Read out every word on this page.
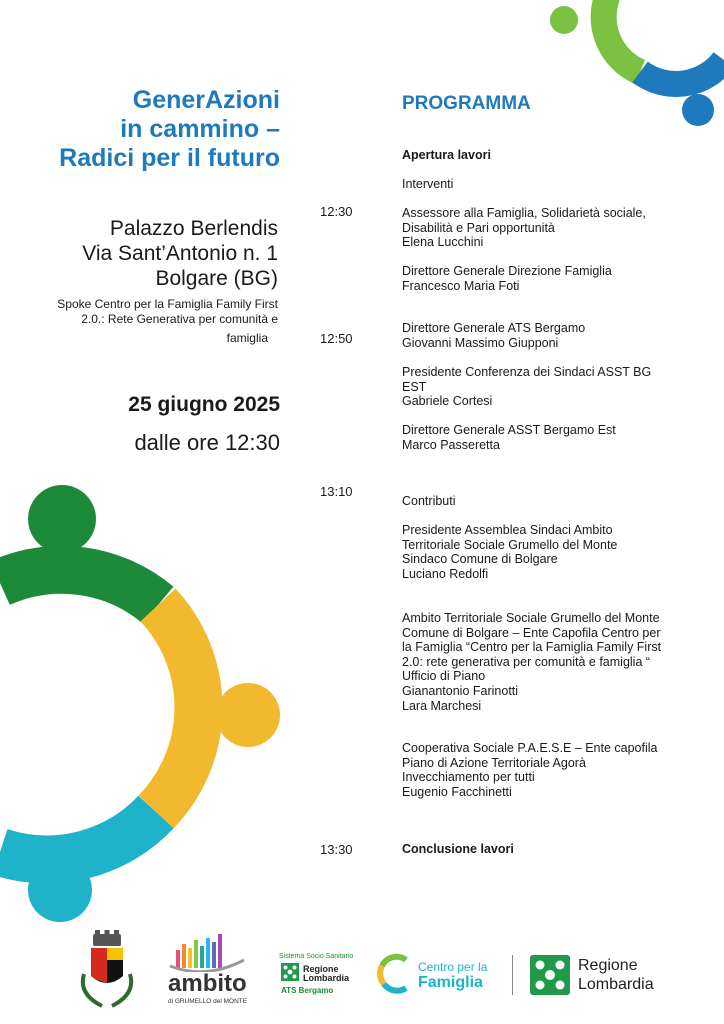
GenerAzioni
in cammino –
Radici per il futuro
Palazzo Berlendis
Via Sant’Antonio n. 1
Bolgare (BG)
Spoke Centro per la Famiglia Family First
2.0.: Rete Generativa per comunità e
famiglia
25 giugno 2025
dalle ore 12:30
PROGRAMMA
12:30
12:50
13:10
13:30
Apertura lavori
Interventi
Assessore alla Famiglia, Solidarietà sociale,
Disabilità e Pari opportunità
Elena Lucchini
Direttore Generale Direzione Famiglia
Francesco Maria Foti
Direttore Generale ATS Bergamo
Giovanni Massimo Giupponi
Presidente Conferenza dei Sindaci ASST BG
EST
Gabriele Cortesi
Direttore Generale ASST Bergamo Est
Marco Passeretta
Contributi
Presidente Assemblea Sindaci Ambito
Territoriale Sociale Grumello del Monte
Sindaco Comune di Bolgare
Luciano Redolfi
Ambito Territoriale Sociale Grumello del Monte
Comune di Bolgare – Ente Capofila Centro per
la Famiglia “Centro per la Famiglia Family First
2.0: rete generativa per comunità e famiglia “
Ufficio di Piano
Gianantonio Farinotti
Lara Marchesi
Cooperativa Sociale P.A.E.S.E – Ente capofila
Piano di Azione Territoriale Agorà
Invecchiamento per tutti
Eugenio Facchinetti
Conclusione lavori
ambito
di GRUMELLO del MONTE
Sistema Socio Sanitario
Regione
Lombardia
ATS Bergamo
Centro per la
Famiglia
Regione
Lombardia
